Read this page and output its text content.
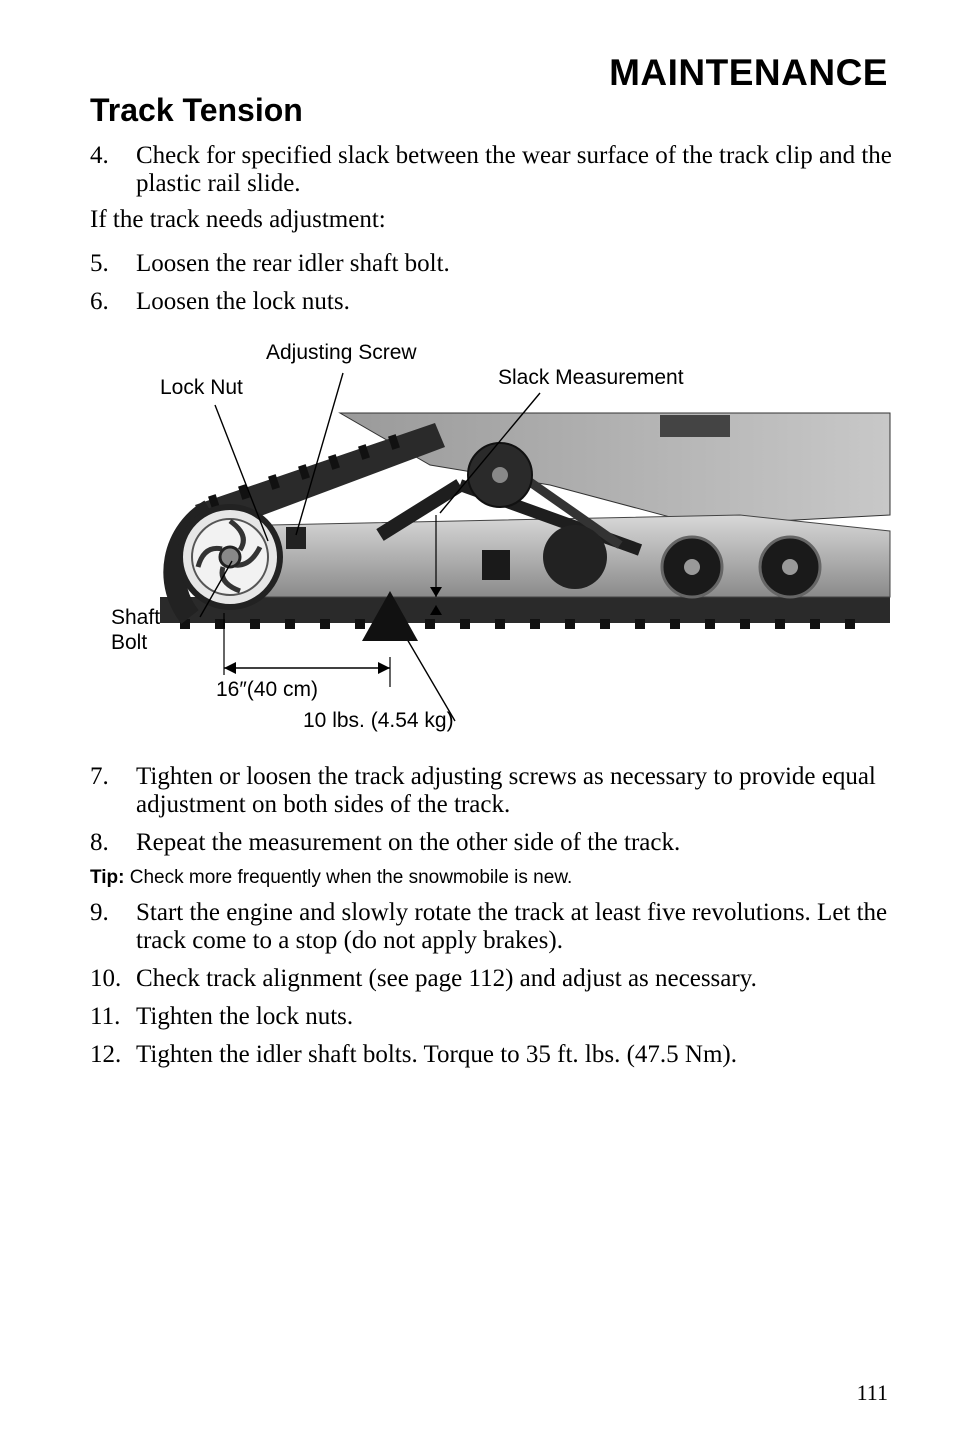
MAINTENANCE
Track Tension
4. Check for specified slack between the wear surface of the track clip and the plastic rail slide.
If the track needs adjustment:
5. Loosen the rear idler shaft bolt.
6. Loosen the lock nuts.
Adjusting Screw
Lock Nut	Slack Measurement
Shaft
Bolt
16″(40 cm)
10 lbs. (4.54 kg)
7. Tighten or loosen the track adjusting screws as necessary to provide equal adjustment on both sides of the track.
8. Repeat the measurement on the other side of the track.
Tip: Check more frequently when the snowmobile is new.
9. Start the engine and slowly rotate the track at least five revolutions. Let the track come to a stop (do not apply brakes).
10. Check track alignment (see page 112) and adjust as necessary.
11. Tighten the lock nuts.
12. Tighten the idler shaft bolts. Torque to 35 ft. lbs. (47.5 Nm).
111
